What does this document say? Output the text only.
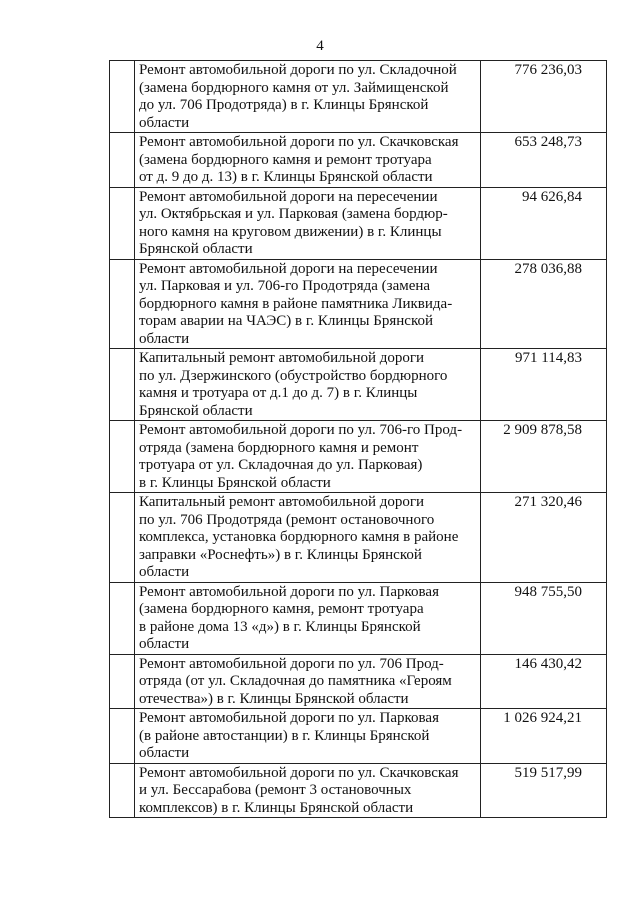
4
	Ремонт автомобильной дороги по ул. Складочной
(замена бордюрного камня от ул. Займищенской
до ул. 706 Продотряда) в г. Клинцы Брянской
области	776 236,03
	Ремонт автомобильной дороги по ул. Скачковская
(замена бордюрного камня и ремонт тротуара
от д. 9 до д. 13) в г. Клинцы Брянской области	653 248,73
	Ремонт автомобильной дороги на пересечении
ул. Октябрьская и ул. Парковая (замена бордюр-
ного камня на круговом движении) в г. Клинцы
Брянской области	94 626,84
	Ремонт автомобильной дороги на пересечении
ул. Парковая и ул. 706-го Продотряда (замена
бордюрного камня в районе памятника Ликвида-
торам аварии на ЧАЭС) в г. Клинцы Брянской
области	278 036,88
	Капитальный ремонт автомобильной дороги
по ул. Дзержинского (обустройство бордюрного
камня и тротуара от д.1 до д. 7) в г. Клинцы
Брянской области	971 114,83
	Ремонт автомобильной дороги по ул. 706-го Прод-
отряда (замена бордюрного камня и ремонт
тротуара от ул. Складочная до ул. Парковая)
в г. Клинцы Брянской области	2 909 878,58
	Капитальный ремонт автомобильной дороги
по ул. 706 Продотряда (ремонт остановочного
комплекса, установка бордюрного камня в районе
заправки «Роснефть») в г. Клинцы Брянской
области	271 320,46
	Ремонт автомобильной дороги по ул. Парковая
(замена бордюрного камня, ремонт тротуара
в районе дома 13 «д») в г. Клинцы Брянской
области	948 755,50
	Ремонт автомобильной дороги по ул. 706 Прод-
отряда (от ул. Складочная до памятника «Героям
отечества») в г. Клинцы Брянской области	146 430,42
	Ремонт автомобильной дороги по ул. Парковая
(в районе автостанции) в г. Клинцы Брянской
области	1 026 924,21
	Ремонт автомобильной дороги по ул. Скачковская
и ул. Бессарабова (ремонт 3 остановочных
комплексов) в г. Клинцы Брянской области	519 517,99
